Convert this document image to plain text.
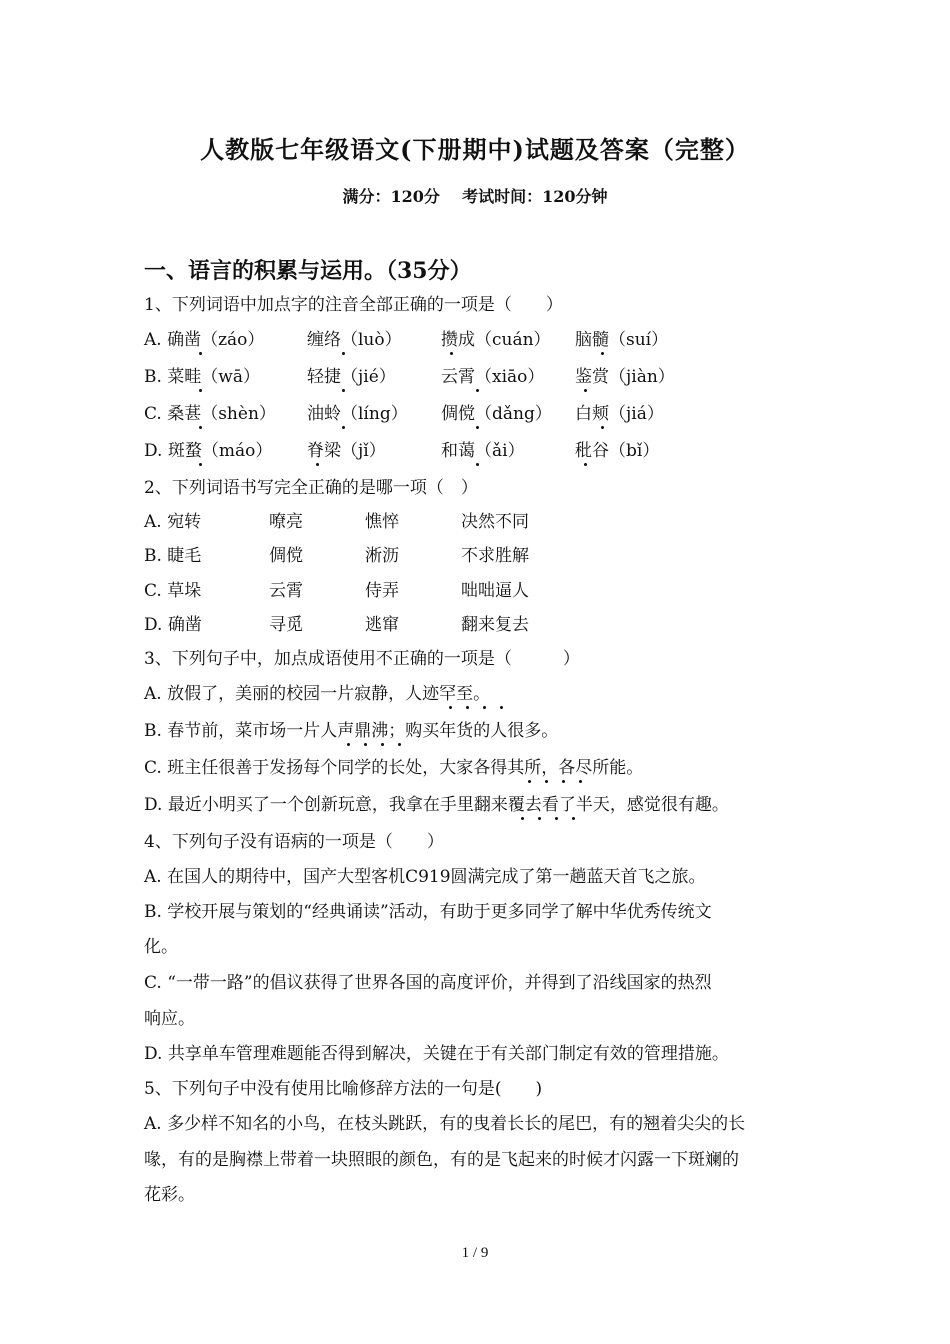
人教版七年级语文(下册期中)试题及答案（完整）
满分：120分    考试时间：120分钟
一、语言的积累与运用。（35分）
1、下列词语中加点字的注音全部正确的一项是（　　）
A. 确凿（záo）	缠络（luò） 攒成（cuán） 脑髓（suí）
B. 菜畦（wā）	轻捷（jié）	云霄（xiāo） 鉴赏（jiàn）
C. 桑葚（shèn） 油蛉（líng） 倜傥（dǎng） 白颊（jiá）
D. 斑蝥（máo） 脊梁（jǐ）	和蔼（ǎi）	秕谷（bǐ）
2、下列词语书写完全正确的是哪一项（　）
A. 宛转	嘹亮	憔悴	决然不同
B. 睫毛	倜傥	淅沥	不求胜解
C. 草垛	云霄	侍弄	咄咄逼人
D. 确凿	寻觅	逃窜	翻来复去
3、下列句子中，加点成语使用不正确的一项是（　　　）
A. 放假了，美丽的校园一片寂静，人迹罕至。
B. 春节前，菜市场一片人声鼎沸；购买年货的人很多。
C. 班主任很善于发扬每个同学的长处，大家各得其所，各尽所能。
D. 最近小明买了一个创新玩意，我拿在手里翻来覆去看了半天，感觉很有趣。
4、下列句子没有语病的一项是（　　）
A. 在国人的期待中，国产大型客机C919圆满完成了第一趟蓝天首飞之旅。
B. 学校开展与策划的“经典诵读”活动，有助于更多同学了解中华优秀传统文
化。
C. “一带一路”的倡议获得了世界各国的高度评价，并得到了沿线国家的热烈
响应。
D. 共享单车管理难题能否得到解决，关键在于有关部门制定有效的管理措施。
5、下列句子中没有使用比喻修辞方法的一句是(　　)
A. 多少样不知名的小鸟，在枝头跳跃，有的曳着长长的尾巴，有的翘着尖尖的长
喙，有的是胸襟上带着一块照眼的颜色，有的是飞起来的时候才闪露一下斑斓的
花彩。
1 / 9
